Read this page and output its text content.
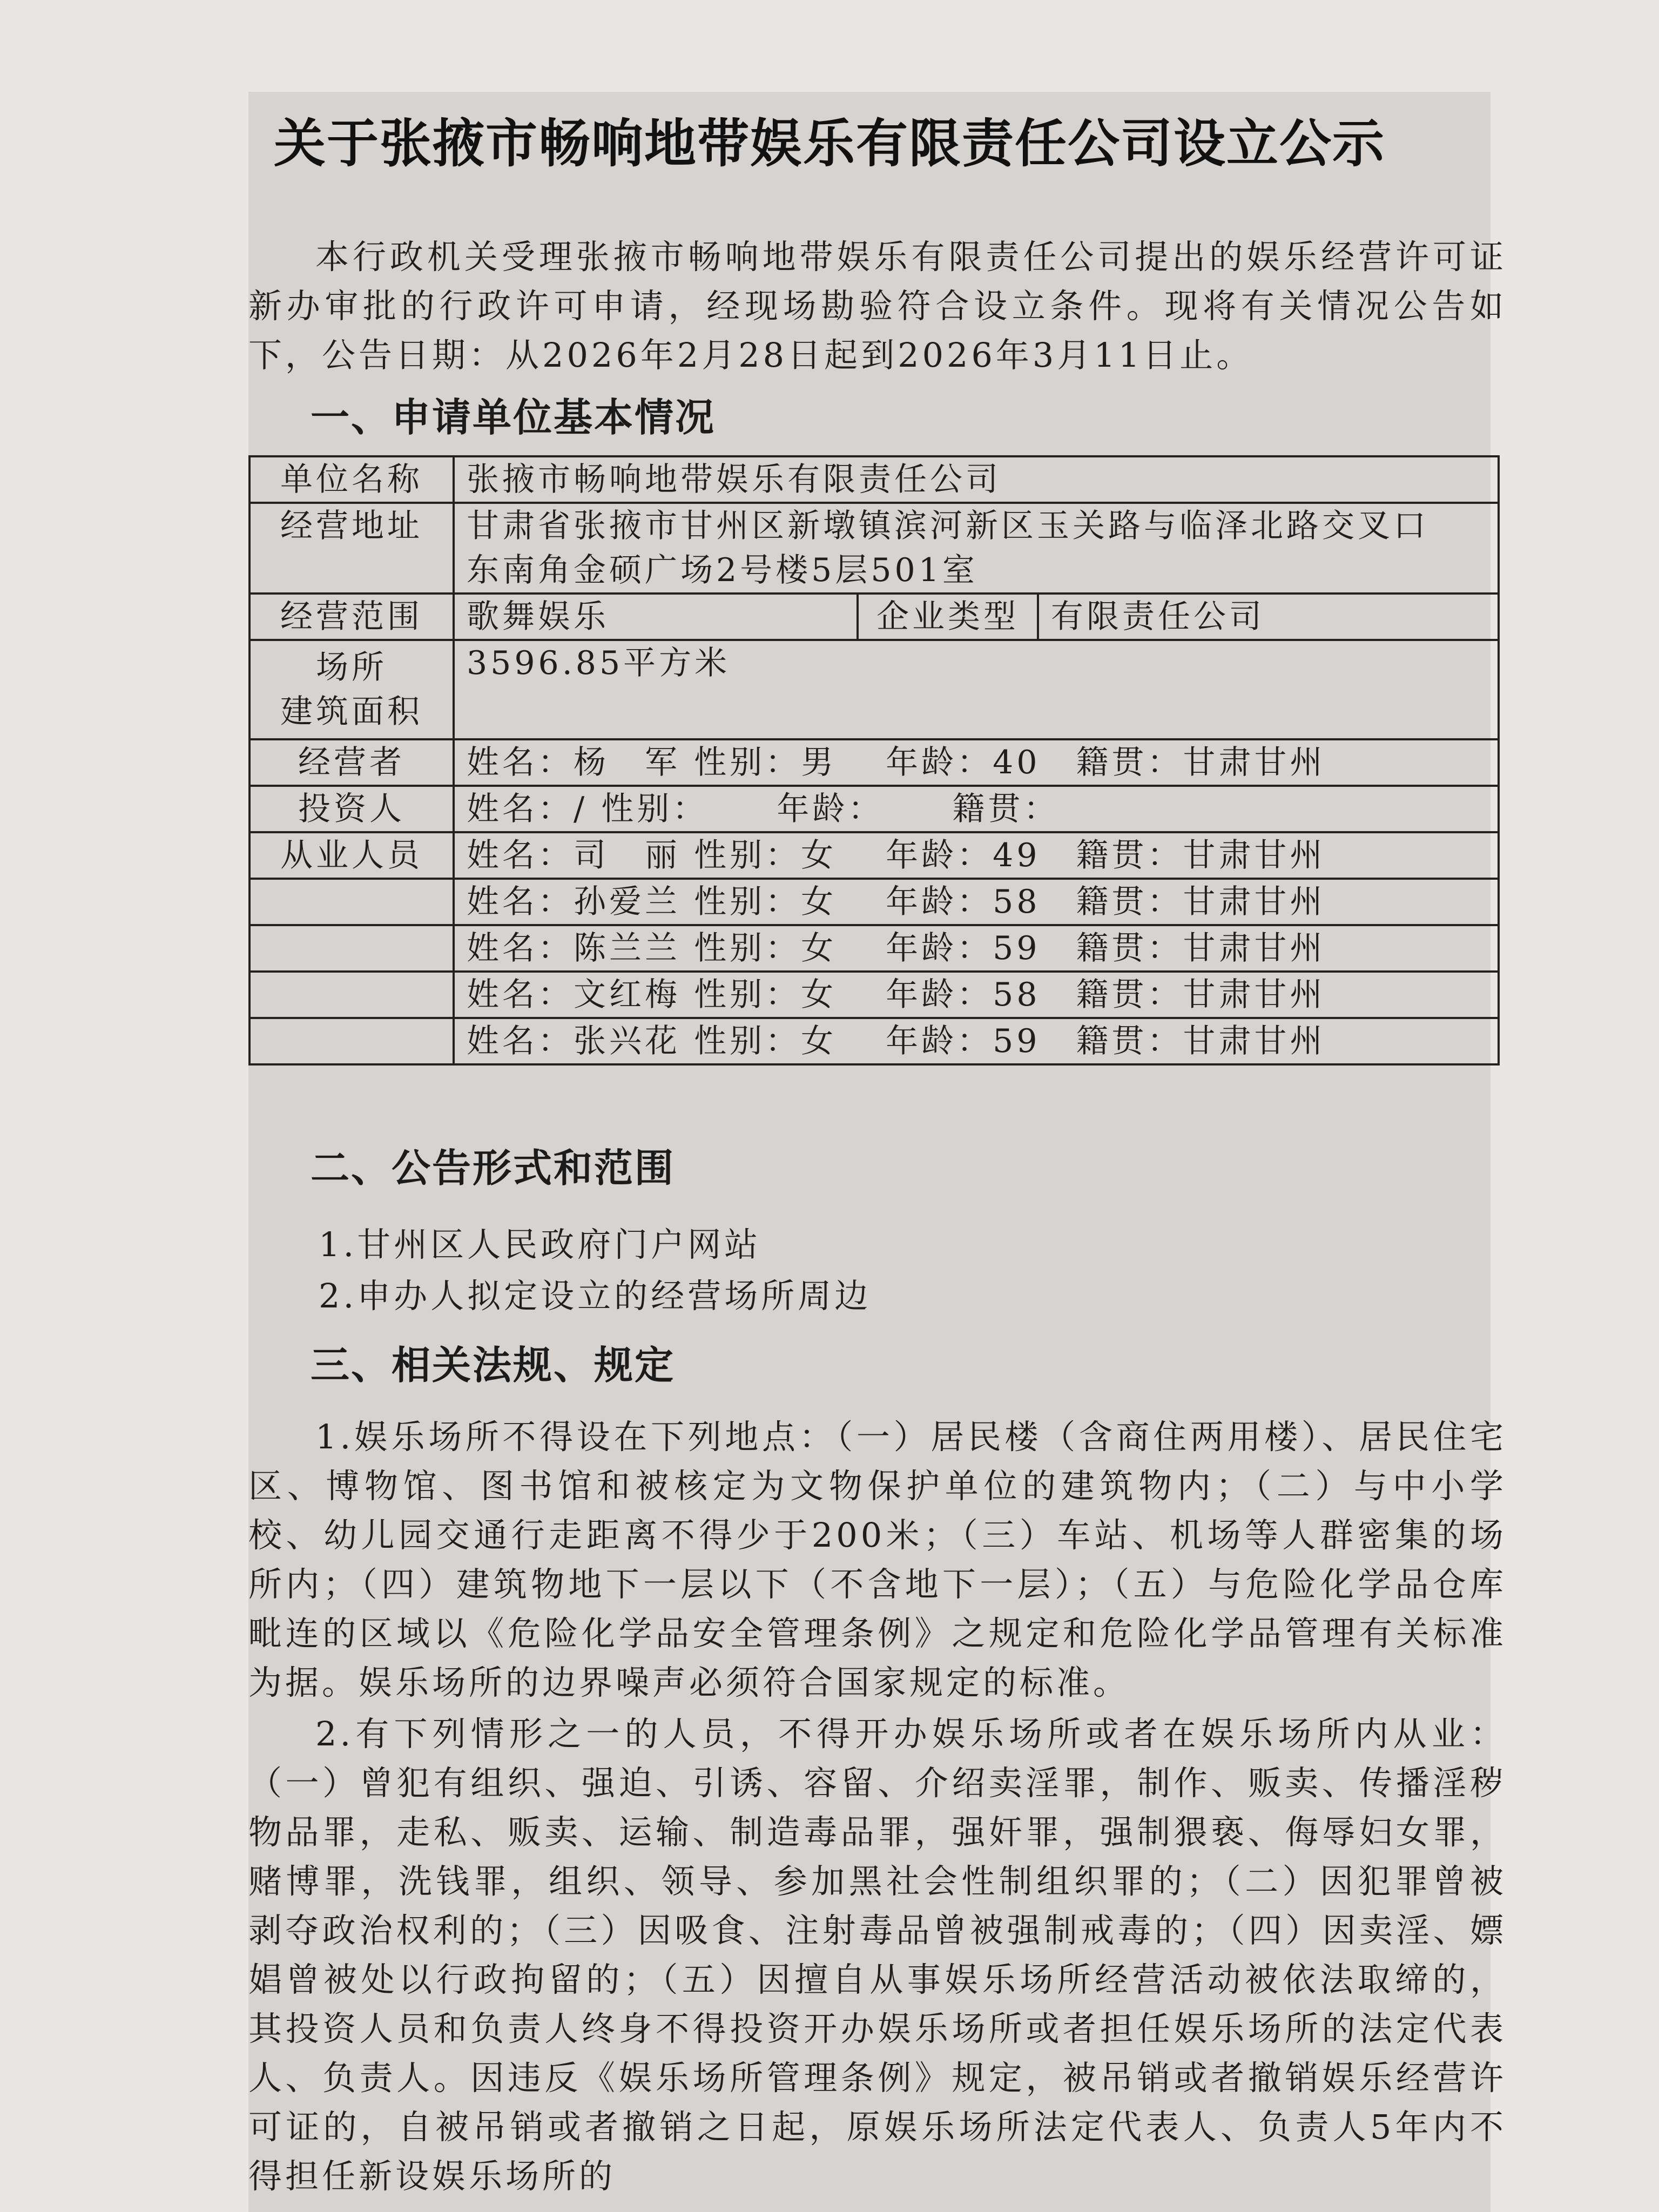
关于张掖市畅响地带娱乐有限责任公司设立公示
本行政机关受理张掖市畅响地带娱乐有限责任公司提出的娱乐经营许可证新办审批的行政许可申请，经现场勘验符合设立条件。现将有关情况公告如下，公告日期：从2026年2月28日起到2026年3月11日止。
一、申请单位基本情况
单位名称	张掖市畅响地带娱乐有限责任公司		
经营地址	甘肃省张掖市甘州区新墩镇滨河新区玉关路与临泽北路交叉口
东南角金硕广场2号楼5层501室		

经营范围	歌舞娱乐	企业类型	有限责任公司

场所
建筑面积	3596.85平方米		
经营者	姓名：杨　军 性别：男　 年龄：40　籍贯：甘肃甘州		
投资人	姓名：/ 性别：　　 年龄：　　 籍贯：		
从业人员	姓名：司　丽 性别：女　 年龄：49　籍贯：甘肃甘州		
	姓名：孙爱兰 性别：女　 年龄：58　籍贯：甘肃甘州		
	姓名：陈兰兰 性别：女　 年龄：59　籍贯：甘肃甘州		
	姓名：文红梅 性别：女　 年龄：58　籍贯：甘肃甘州		
	姓名：张兴花 性别：女　 年龄：59　籍贯：甘肃甘州		
二、公告形式和范围
1.甘州区人民政府门户网站
2.申办人拟定设立的经营场所周边
三、相关法规、规定
1.娱乐场所不得设在下列地点：（一）居民楼（含商住两用楼）、居民住宅区、博物馆、图书馆和被核定为文物保护单位的建筑物内；（二）与中小学校、幼儿园交通行走距离不得少于200米；（三）车站、机场等人群密集的场所内；（四）建筑物地下一层以下（不含地下一层）；（五）与危险化学品仓库毗连的区域以《危险化学品安全管理条例》之规定和危险化学品管理有关标准为据。娱乐场所的边界噪声必须符合国家规定的标准。
2.有下列情形之一的人员，不得开办娱乐场所或者在娱乐场所内从业：（一）曾犯有组织、强迫、引诱、容留、介绍卖淫罪，制作、贩卖、传播淫秽物品罪，走私、贩卖、运输、制造毒品罪，强奸罪，强制猥亵、侮辱妇女罪，赌博罪，洗钱罪，组织、领导、参加黑社会性制组织罪的；（二）因犯罪曾被剥夺政治权利的；（三）因吸食、注射毒品曾被强制戒毒的；（四）因卖淫、嫖娼曾被处以行政拘留的；（五）因擅自从事娱乐场所经营活动被依法取缔的，其投资人员和负责人终身不得投资开办娱乐场所或者担任娱乐场所的法定代表人、负责人。因违反《娱乐场所管理条例》规定，被吊销或者撤销娱乐经营许可证的，自被吊销或者撤销之日起，原娱乐场所法定代表人、负责人5年内不得担任新设娱乐场所的
